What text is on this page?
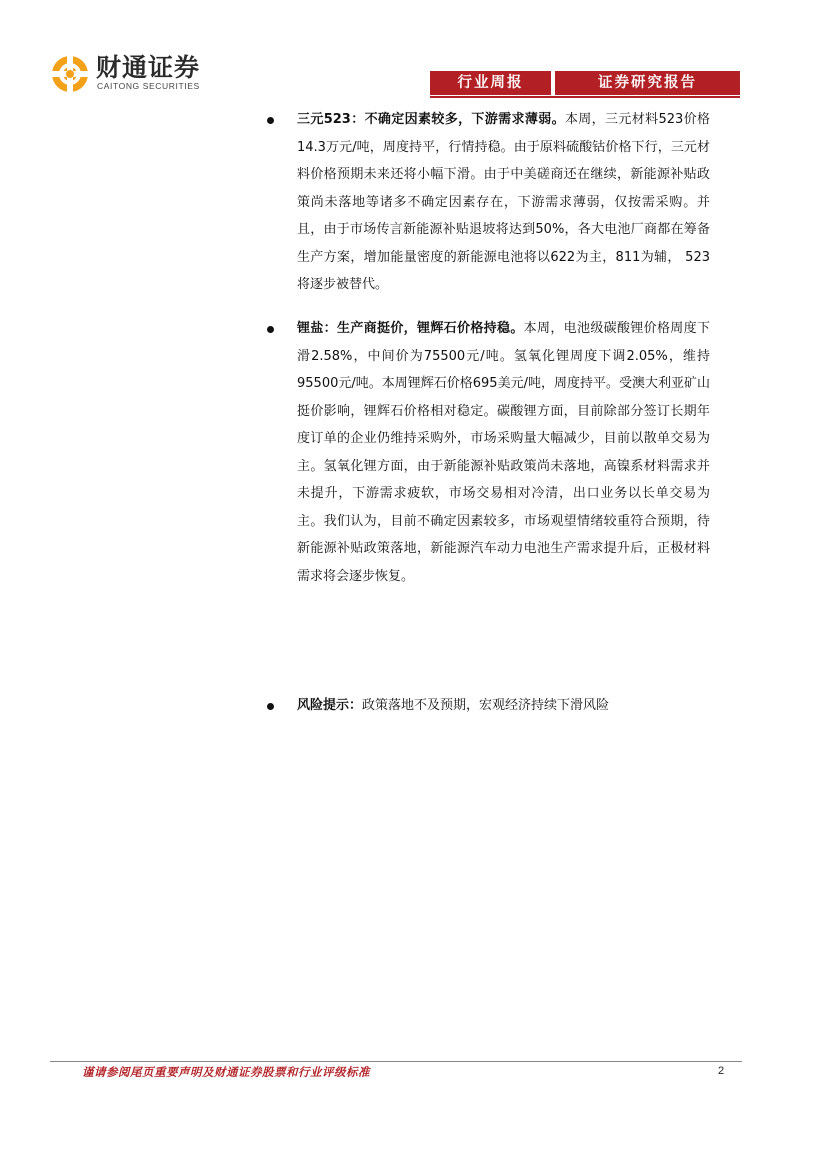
财通证券
CAITONG SECURITIES	行业周报	证券研究报告
三元523：不确定因素较多，下游需求薄弱。本周，三元材料523价格14.3万元/吨，周度持平，行情持稳。由于原料硫酸钴价格下行，三元材料价格预期未来还将小幅下滑。由于中美磋商还在继续，新能源补贴政策尚未落地等诸多不确定因素存在，下游需求薄弱，仅按需采购。并且，由于市场传言新能源补贴退坡将达到50%，各大电池厂商都在筹备生产方案，增加能量密度的新能源电池将以622为主，811为辅， 523将逐步被替代。
锂盐：生产商挺价，锂辉石价格持稳。本周，电池级碳酸锂价格周度下滑2.58%，中间价为75500元/吨。氢氧化锂周度下调2.05%，维持95500元/吨。本周锂辉石价格695美元/吨，周度持平。受澳大利亚矿山挺价影响，锂辉石价格相对稳定。碳酸锂方面，目前除部分签订长期年度订单的企业仍维持采购外，市场采购量大幅减少，目前以散单交易为主。氢氧化锂方面，由于新能源补贴政策尚未落地，高镍系材料需求并未提升，下游需求疲软，市场交易相对冷清，出口业务以长单交易为主。我们认为，目前不确定因素较多，市场观望情绪较重符合预期，待新能源补贴政策落地，新能源汽车动力电池生产需求提升后，正极材料需求将会逐步恢复。
风险提示：政策落地不及预期，宏观经济持续下滑风险
谨请参阅尾页重要声明及财通证券股票和行业评级标准	2
